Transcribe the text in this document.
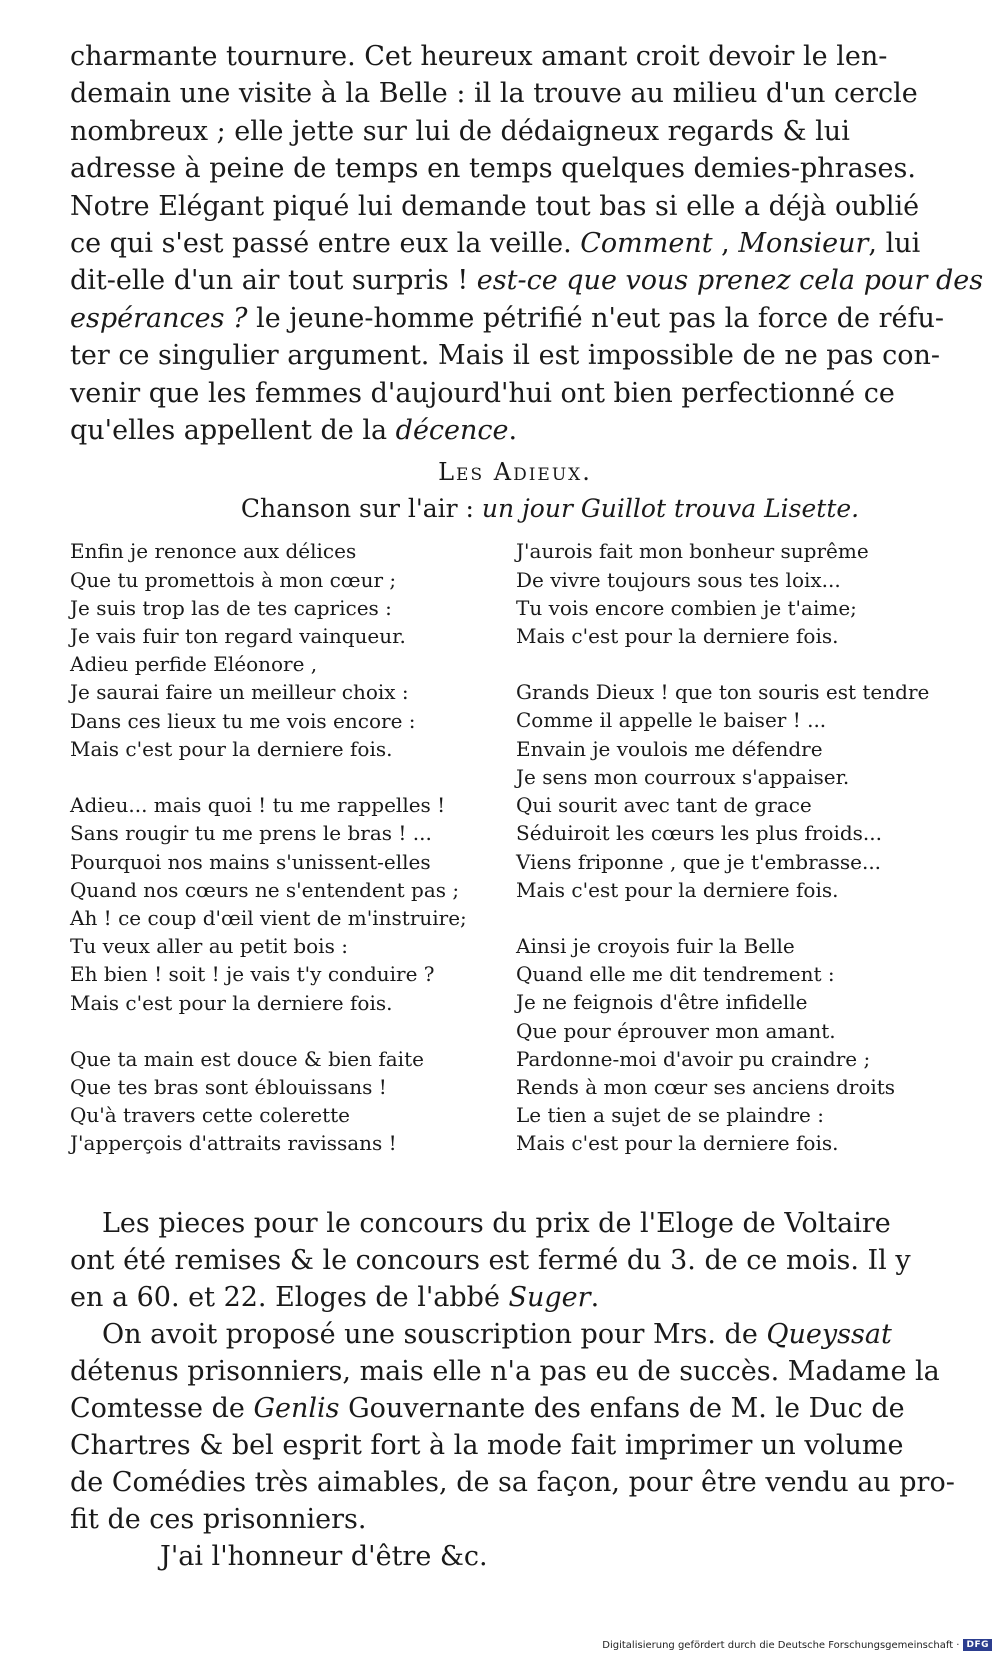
charmante tournure. Cet heureux amant croit devoir le len-
demain une visite à la Belle : il la trouve au milieu d'un cercle
nombreux ; elle jette sur lui de dédaigneux regards & lui
adresse à peine de temps en temps quelques demies-phrases.
Notre Elégant piqué lui demande tout bas si elle a déjà oublié
ce qui s'est passé entre eux la veille. Comment , Monsieur, lui
dit-elle d'un air tout surpris ! est-ce que vous prenez cela pour des
espérances ? le jeune-homme pétrifié n'eut pas la force de réfu-
ter ce singulier argument. Mais il est impossible de ne pas con-
venir que les femmes d'aujourd'hui ont bien perfectionné ce
qu'elles appellent de la décence.
Les Adieux.
Chanson sur l'air : un jour Guillot trouva Lisette.
Enfin je renonce aux délices
Que tu promettois à mon cœur ;
Je suis trop las de tes caprices :
Je vais fuir ton regard vainqueur.
Adieu perfide Eléonore ,
Je saurai faire un meilleur choix :
Dans ces lieux tu me vois encore :
Mais c'est pour la derniere fois.
Adieu... mais quoi ! tu me rappelles !
Sans rougir tu me prens le bras ! ...
Pourquoi nos mains s'unissent-elles
Quand nos cœurs ne s'entendent pas ;
Ah ! ce coup d'œil vient de m'instruire;
Tu veux aller au petit bois :
Eh bien ! soit ! je vais t'y conduire ?
Mais c'est pour la derniere fois.
Que ta main est douce & bien faite
Que tes bras sont éblouissans !
Qu'à travers cette colerette
J'apperçois d'attraits ravissans !
J'aurois fait mon bonheur suprême
De vivre toujours sous tes loix...
Tu vois encore combien je t'aime;
Mais c'est pour la derniere fois.
Grands Dieux ! que ton souris est tendre
Comme il appelle le baiser ! ...
Envain je voulois me défendre
Je sens mon courroux s'appaiser.
Qui sourit avec tant de grace
Séduiroit les cœurs les plus froids...
Viens friponne , que je t'embrasse...
Mais c'est pour la derniere fois.
Ainsi je croyois fuir la Belle
Quand elle me dit tendrement :
Je ne feignois d'être infidelle
Que pour éprouver mon amant.
Pardonne-moi d'avoir pu craindre ;
Rends à mon cœur ses anciens droits
Le tien a sujet de se plaindre :
Mais c'est pour la derniere fois.

Les pieces pour le concours du prix de l'Eloge de Voltaire
ont été remises & le concours est fermé du 3. de ce mois. Il y
en a 60. et 22. Eloges de l'abbé Suger.

On avoit proposé une souscription pour Mrs. de Queyssat
détenus prisonniers, mais elle n'a pas eu de succès. Madame la
Comtesse de Genlis Gouvernante des enfans de M. le Duc de
Chartres & bel esprit fort à la mode fait imprimer un volume
de Comédies très aimables, de sa façon, pour être vendu au pro-
fit de ces prisonniers.

J'ai l'honneur d'être &c.

Digitalisierung gefördert durch die Deutsche Forschungsgemeinschaft · DFG
